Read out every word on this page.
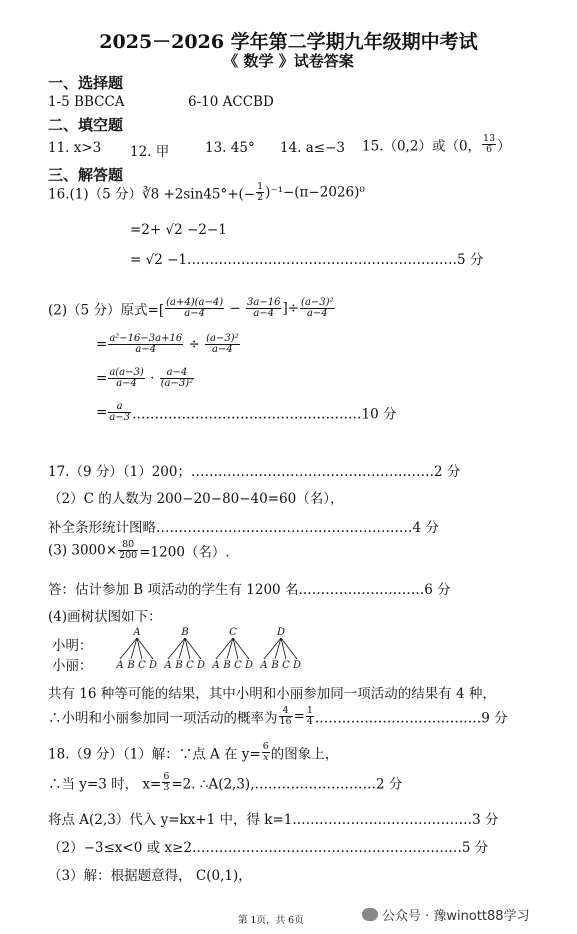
2025－2026 学年第二学期九年级期中考试
《 数学 》试卷答案
一、选择题
1-5 BBCCA	6-10 ACCBD
二、填空题
11. x>3 12. 甲	13. 45° 14. a≤−3 15.（0,2）或（0， $\frac{13}{6}$ ）
三、解答题
16.(1)（5 分）∛8 $+2\sin 45^\circ+(- \frac{1}{2} )^{-1}-(\pi-2026)^0$
=2+ √2 −2−1
= √2 −1……………………………………………………5 分
(2)（5 分）原式=[ $\frac{(a+4)(a-4)}{a-4} - \frac{3a-16}{a-4}$ ]÷ $\frac{\text{(a−3)²}}{a-4}$
= $\frac{\text{a²−16−3a+16}}{a-4} \div \frac{\text{(a−3)²}}{a-4}$
= $\frac{a(a-3)}{a-4} \cdot \frac{a-4}{\text{(a−3)²}}$
= $\frac{a}{a-3}$ ……………………………………………10 分
17.（9 分）（1）200；………………………………………………2 分
（2）C 的人数为 200−20−80−40=60（名），
补全条形统计图略…………………………………………………4 分
(3) $3000\times \frac{80}{200} =1200$（名）.
答：估计参加 B 项活动的学生有 1200 名.………………………6 分
(4)画树状图如下：
小明：
小丽：
A
A B C D
B
A B C D
C
A B C D
D
A B C D
共有 16 种等可能的结果，其中小明和小丽参加同一项活动的结果有 4 种，
∴小明和小丽参加同一项活动的概率为 $\frac{4}{16} = \frac{1}{4}$ .………………………………9 分
18.（9 分）（1）解：∵点 A 在 $y= \frac{6}{x}$ 的图象上，
∴当 y=3 时， $x= \frac{6}{3} =2$. ∴A(2,3),………………………2 分
将点 A(2,3）代入 y=kx+1 中，得 k=1.…………………………………3 分
（2）−3≤x<0 或 x≥2……………………………………………………5 分
（3）解：根据题意得， C(0,1)，
第 1页，共 6页	公众号 · 豫winott88学习
